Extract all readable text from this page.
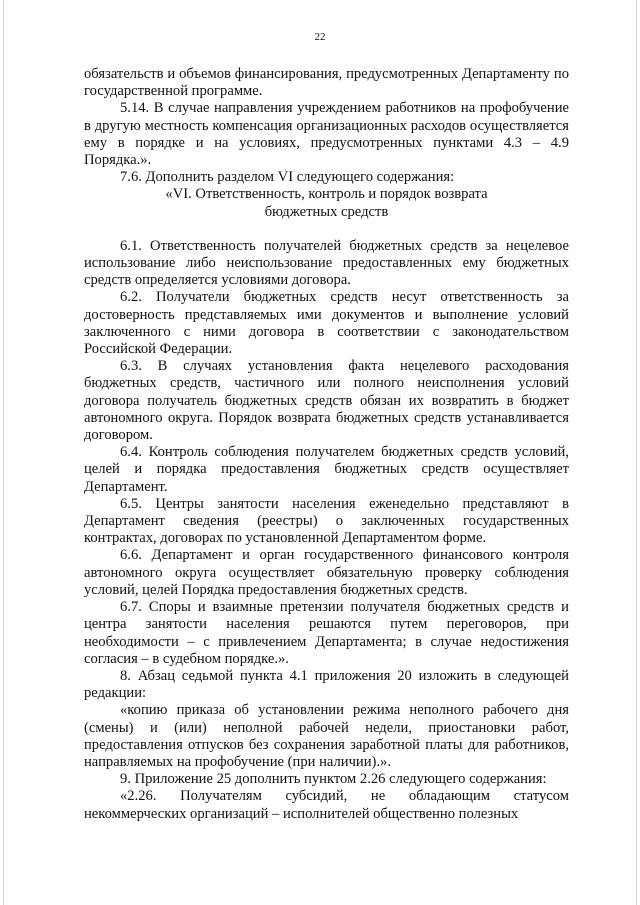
22

обязательств и объемов финансирования, предусмотренных Департаменту по государственной программе.

5.14. В случае направления учреждением работников на профобучение в другую местность компенсация организационных расходов осуществляется ему в порядке и на условиях, предусмотренных пунктами 4.3 – 4.9 Порядка.».

7.6. Дополнить разделом VI следующего содержания:

«VI. Ответственность, контроль и порядок возврата

бюджетных средств

6.1. Ответственность получателей бюджетных средств за нецелевое использование либо неиспользование предоставленных ему бюджетных средств определяется условиями договора.

6.2. Получатели бюджетных средств несут ответственность за достоверность представляемых ими документов и выполнение условий заключенного с ними договора в соответствии с законодательством Российской Федерации.

6.3. В случаях установления факта нецелевого расходования бюджетных средств, частичного или полного неисполнения условий договора получатель бюджетных средств обязан их возвратить в бюджет автономного округа. Порядок возврата бюджетных средств устанавливается договором.

6.4. Контроль соблюдения получателем бюджетных средств условий, целей и порядка предоставления бюджетных средств осуществляет Департамент.

6.5. Центры занятости населения еженедельно представляют в Департамент сведения (реестры) о заключенных государственных контрактах, договорах по установленной Департаментом форме.

6.6. Департамент и орган государственного финансового контроля автономного округа осуществляет обязательную проверку соблюдения условий, целей Порядка предоставления бюджетных средств.

6.7. Споры и взаимные претензии получателя бюджетных средств и центра занятости населения решаются путем переговоров, при необходимости – с привлечением Департамента; в случае недостижения согласия – в судебном порядке.».

8. Абзац седьмой пункта 4.1 приложения 20 изложить в следующей редакции:

«копию приказа об установлении режима неполного рабочего дня (смены) и (или) неполной рабочей недели, приостановки работ, предоставления отпусков без сохранения заработной платы для работников, направляемых на профобучение (при наличии).».

9. Приложение 25 дополнить пунктом 2.26 следующего содержания:

«2.26. Получателям субсидий, не обладающим статусом некоммерческих организаций – исполнителей общественно полезных
